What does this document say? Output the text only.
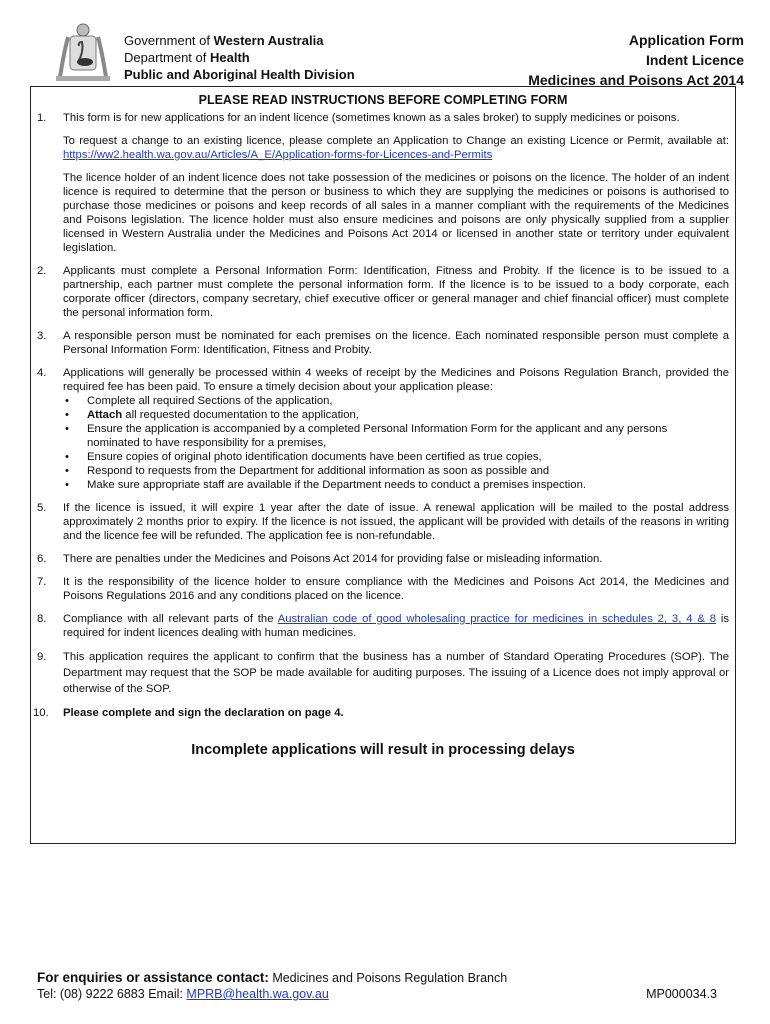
Government of Western Australia
Department of Health
Public and Aboriginal Health Division
Application Form
Indent Licence
Medicines and Poisons Act 2014
PLEASE READ INSTRUCTIONS BEFORE COMPLETING FORM
1. This form is for new applications for an indent licence (sometimes known as a sales broker) to supply medicines or poisons.

To request a change to an existing licence, please complete an Application to Change an existing Licence or Permit, available at: https://ww2.health.wa.gov.au/Articles/A_E/Application-forms-for-Licences-and-Permits

The licence holder of an indent licence does not take possession of the medicines or poisons on the licence. The holder of an indent licence is required to determine that the person or business to which they are supplying the medicines or poisons is authorised to purchase those medicines or poisons and keep records of all sales in a manner compliant with the requirements of the Medicines and Poisons legislation. The licence holder must also ensure medicines and poisons are only physically supplied from a supplier licensed in Western Australia under the Medicines and Poisons Act 2014 or licensed in another state or territory under equivalent legislation.

2. Applicants must complete a Personal Information Form: Identification, Fitness and Probity. If the licence is to be issued to a partnership, each partner must complete the personal information form. If the licence is to be issued to a body corporate, each corporate officer (directors, company secretary, chief executive officer or general manager and chief financial officer) must complete the personal information form.
3. A responsible person must be nominated for each premises on the licence. Each nominated responsible person must complete a Personal Information Form: Identification, Fitness and Probity.
4. Applications will generally be processed within 4 weeks of receipt by the Medicines and Poisons Regulation Branch, provided the required fee has been paid. To ensure a timely decision about your application please:
• Complete all required Sections of the application,
• Attach all requested documentation to the application,
• Ensure the application is accompanied by a completed Personal Information Form for the applicant and any persons nominated to have responsibility for a premises,
• Ensure copies of original photo identification documents have been certified as true copies,
• Respond to requests from the Department for additional information as soon as possible and
• Make sure appropriate staff are available if the Department needs to conduct a premises inspection.
5. If the licence is issued, it will expire 1 year after the date of issue. A renewal application will be mailed to the postal address approximately 2 months prior to expiry. If the licence is not issued, the applicant will be provided with details of the reasons in writing and the licence fee will be refunded. The application fee is non-refundable.
6. There are penalties under the Medicines and Poisons Act 2014 for providing false or misleading information.
7. It is the responsibility of the licence holder to ensure compliance with the Medicines and Poisons Act 2014, the Medicines and Poisons Regulations 2016 and any conditions placed on the licence.
8. Compliance with all relevant parts of the Australian code of good wholesaling practice for medicines in schedules 2, 3, 4 & 8 is required for indent licences dealing with human medicines.
9. This application requires the applicant to confirm that the business has a number of Standard Operating Procedures (SOP). The Department may request that the SOP be made available for auditing purposes. The issuing of a Licence does not imply approval or otherwise of the SOP.
10. Please complete and sign the declaration on page 4.
Incomplete applications will result in processing delays
For enquiries or assistance contact: Medicines and Poisons Regulation Branch
Tel: (08) 9222 6883 Email: MPRB@health.wa.gov.au	MP000034.3
